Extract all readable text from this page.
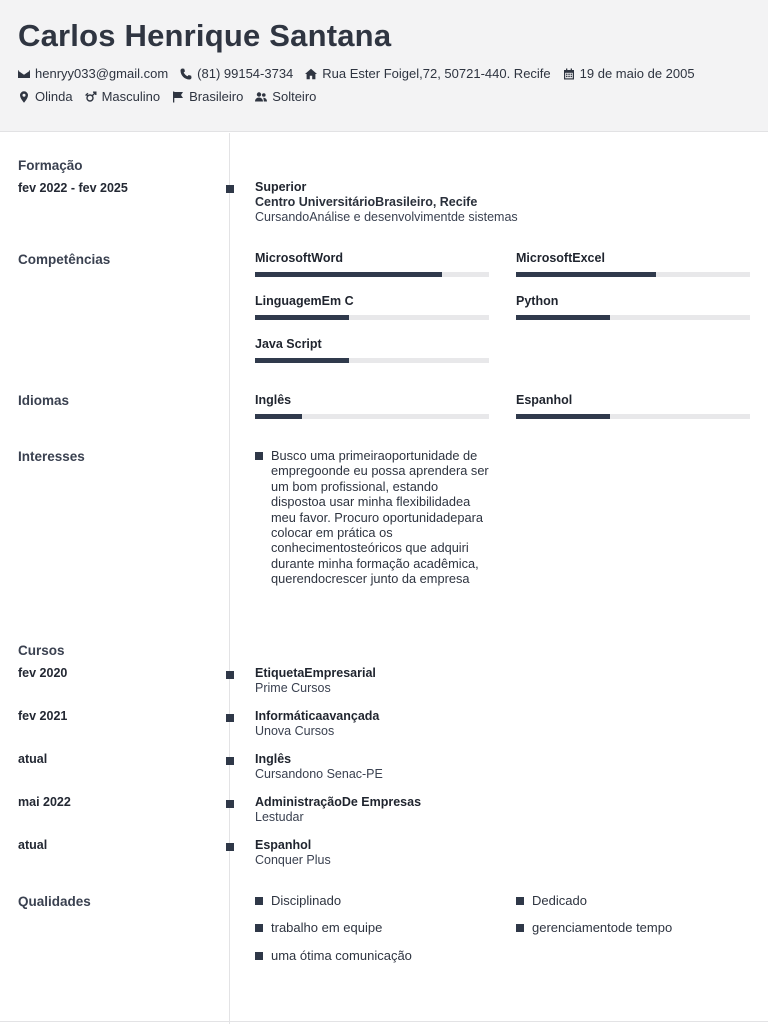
Carlos Henrique Santana
henryy033@gmail.com (81) 99154-3734 Rua Ester Foigel,72, 50721-440. Recife 19 de maio de 2005
Olinda Masculino Brasileiro Solteiro
Formação
fev 2022 - fev 2025	Superior
Centro UniversitárioBrasileiro, Recife
CursandoAnálise e desenvolvimentde sistemas
Competências	MicrosoftWord	MicrosoftExcel
LinguagemEm C	Python
Java Script
Idiomas	Inglês	Espanhol
Interesses	Busco uma primeiraoportunidade de empregoonde eu possa aprendera ser um bom profissional, estando dispostoa usar minha flexibilidadea meu favor. Procuro oportunidadepara colocar em prática os conhecimentosteóricos que adquiri durante minha formação acadêmica, querendocrescer junto da empresa
Cursos
fev 2020	EtiquetaEmpresarial
Prime Cursos
fev 2021	Informáticaavançada
Unova Cursos
atual	Inglês
Cursandono Senac-PE
mai 2022	AdministraçãoDe Empresas
Lestudar
atual	Espanhol
Conquer Plus
Qualidades	Disciplinado	Dedicado
trabalho em equipe	gerenciamentode tempo
uma ótima comunicação
